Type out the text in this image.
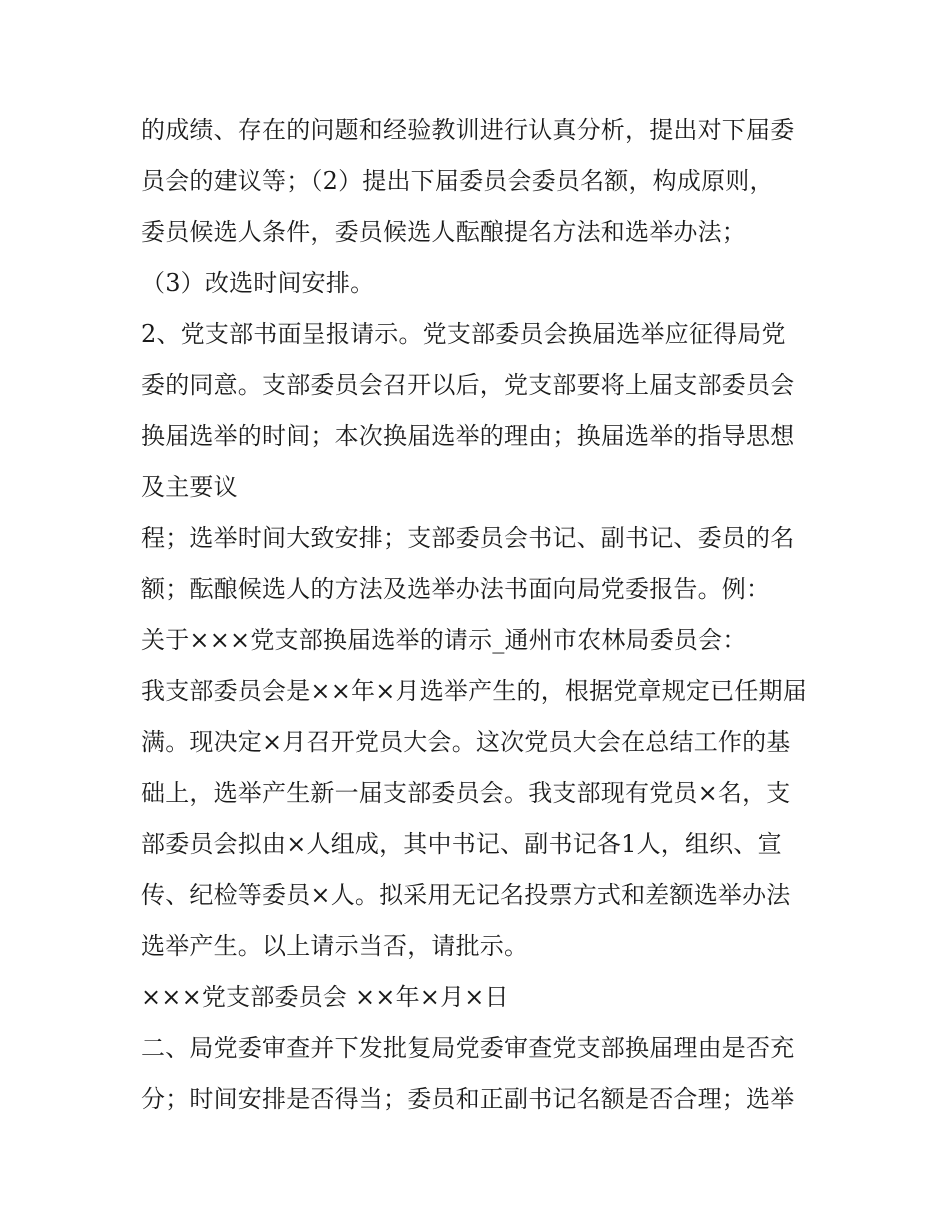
的成绩、存在的问题和经验教训进行认真分析，提出对下届委
员会的建议等；（2）提出下届委员会委员名额，构成原则，
委员候选人条件，委员候选人酝酿提名方法和选举办法；
（3）改选时间安排。
2、党支部书面呈报请示。党支部委员会换届选举应征得局党
委的同意。支部委员会召开以后，党支部要将上届支部委员会
换届选举的时间；本次换届选举的理由；换届选举的指导思想
及主要议
程；选举时间大致安排；支部委员会书记、副书记、委员的名
额；酝酿候选人的方法及选举办法书面向局党委报告。例：
关于×××党支部换届选举的请示_通州市农林局委员会：
我支部委员会是××年×月选举产生的，根据党章规定已任期届
满。现决定×月召开党员大会。这次党员大会在总结工作的基
础上，选举产生新一届支部委员会。我支部现有党员×名，支
部委员会拟由×人组成，其中书记、副书记各1人，组织、宣
传、纪检等委员×人。拟采用无记名投票方式和差额选举办法
选举产生。以上请示当否，请批示。
×××党支部委员会 ××年×月×日
二、局党委审查并下发批复局党委审查党支部换届理由是否充
分；时间安排是否得当；委员和正副书记名额是否合理；选举
